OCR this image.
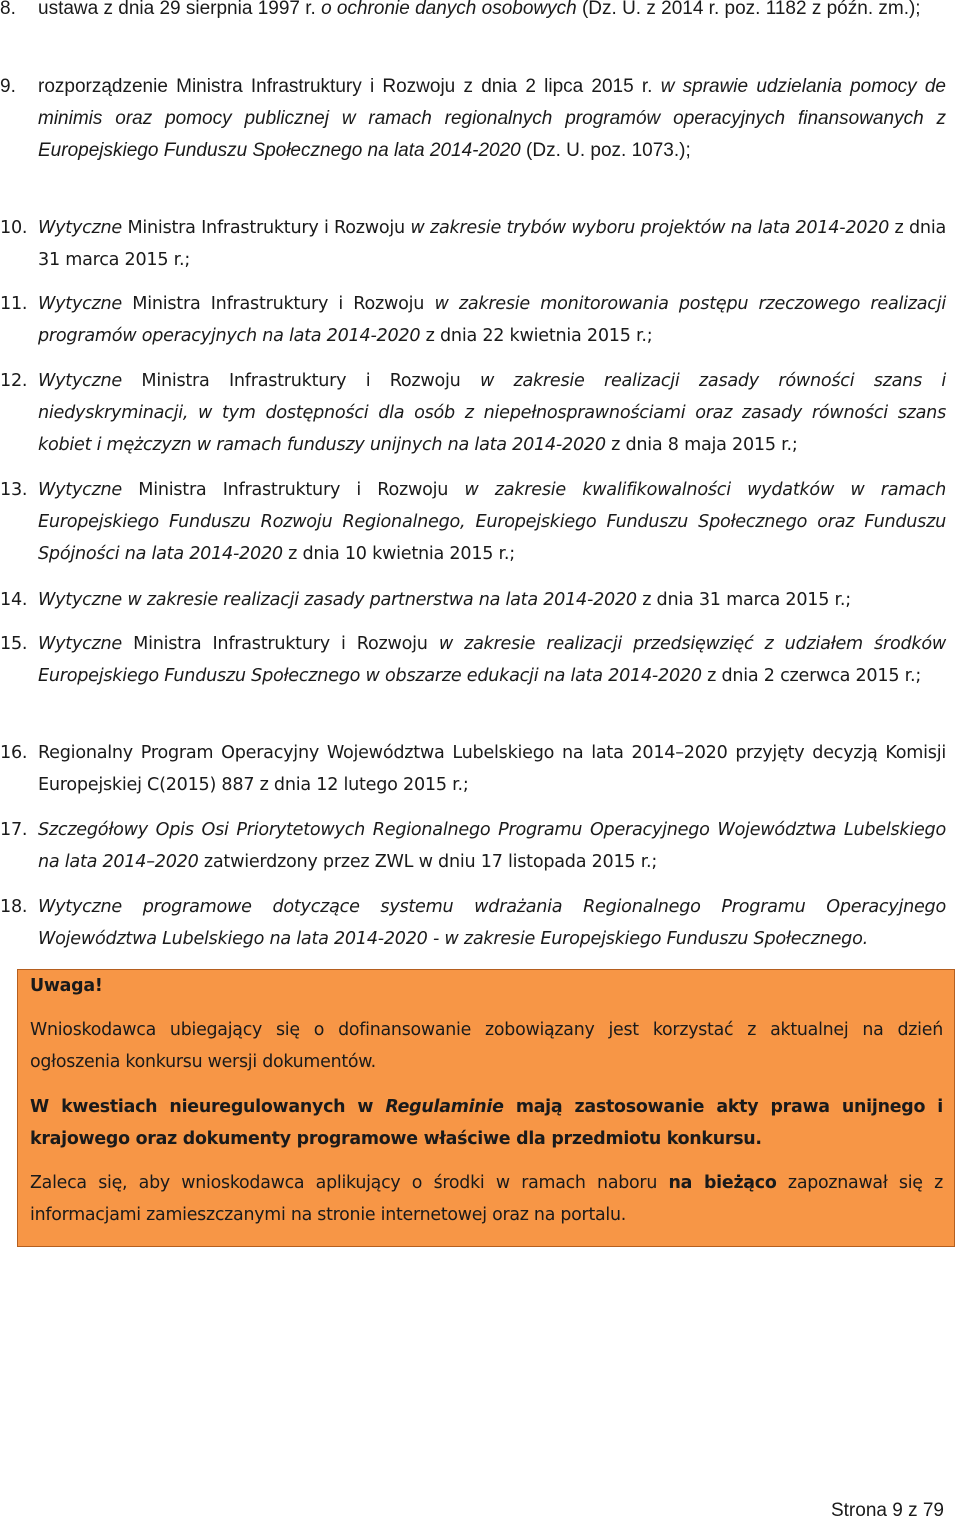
8.	ustawa z dnia 29 sierpnia 1997 r. o ochronie danych osobowych (Dz. U. z 2014 r. poz. 1182 z późn. zm.);
9.	rozporządzenie Ministra Infrastruktury i Rozwoju z dnia 2 lipca 2015 r. w sprawie udzielania pomocy de minimis oraz pomocy publicznej w ramach regionalnych programów operacyjnych finansowanych z Europejskiego Funduszu Społecznego na lata 2014-2020 (Dz. U. poz. 1073.);
10. Wytyczne Ministra Infrastruktury i Rozwoju w zakresie trybów wyboru projektów na lata 2014-2020 z dnia 31 marca 2015 r.;
11. Wytyczne Ministra Infrastruktury i Rozwoju w zakresie monitorowania postępu rzeczowego realizacji programów operacyjnych na lata 2014-2020 z dnia 22 kwietnia 2015 r.;
12. Wytyczne Ministra Infrastruktury i Rozwoju w zakresie realizacji zasady równości szans i niedyskryminacji, w tym dostępności dla osób z niepełnosprawnościami oraz zasady równości szans kobiet i mężczyzn w ramach funduszy unijnych na lata 2014-2020 z dnia 8 maja 2015 r.;
13. Wytyczne Ministra Infrastruktury i Rozwoju w zakresie kwalifikowalności wydatków w ramach Europejskiego Funduszu Rozwoju Regionalnego, Europejskiego Funduszu Społecznego oraz Funduszu Spójności na lata 2014-2020 z dnia 10 kwietnia 2015 r.;
14. Wytyczne w zakresie realizacji zasady partnerstwa na lata 2014-2020 z dnia 31 marca 2015 r.;
15. Wytyczne Ministra Infrastruktury i Rozwoju w zakresie realizacji przedsięwzięć z udziałem środków Europejskiego Funduszu Społecznego w obszarze edukacji na lata 2014-2020 z dnia 2 czerwca 2015 r.;
16. Regionalny Program Operacyjny Województwa Lubelskiego na lata 2014–2020 przyjęty decyzją Komisji Europejskiej C(2015) 887 z dnia 12 lutego 2015 r.;
17. Szczegółowy Opis Osi Priorytetowych Regionalnego Programu Operacyjnego Województwa Lubelskiego na lata 2014–2020 zatwierdzony przez ZWL w dniu 17 listopada 2015 r.;
18. Wytyczne programowe dotyczące systemu wdrażania Regionalnego Programu Operacyjnego Województwa Lubelskiego na lata 2014-2020 - w zakresie Europejskiego Funduszu Społecznego.
Uwaga!
Wnioskodawca ubiegający się o dofinansowanie zobowiązany jest korzystać z aktualnej na dzień ogłoszenia konkursu wersji dokumentów.
W kwestiach nieuregulowanych w Regulaminie mają zastosowanie akty prawa unijnego i krajowego oraz dokumenty programowe właściwe dla przedmiotu konkursu.
Zaleca się, aby wnioskodawca aplikujący o środki w ramach naboru na bieżąco zapoznawał się z informacjami zamieszczanymi na stronie internetowej oraz na portalu.
Strona 9 z 79
